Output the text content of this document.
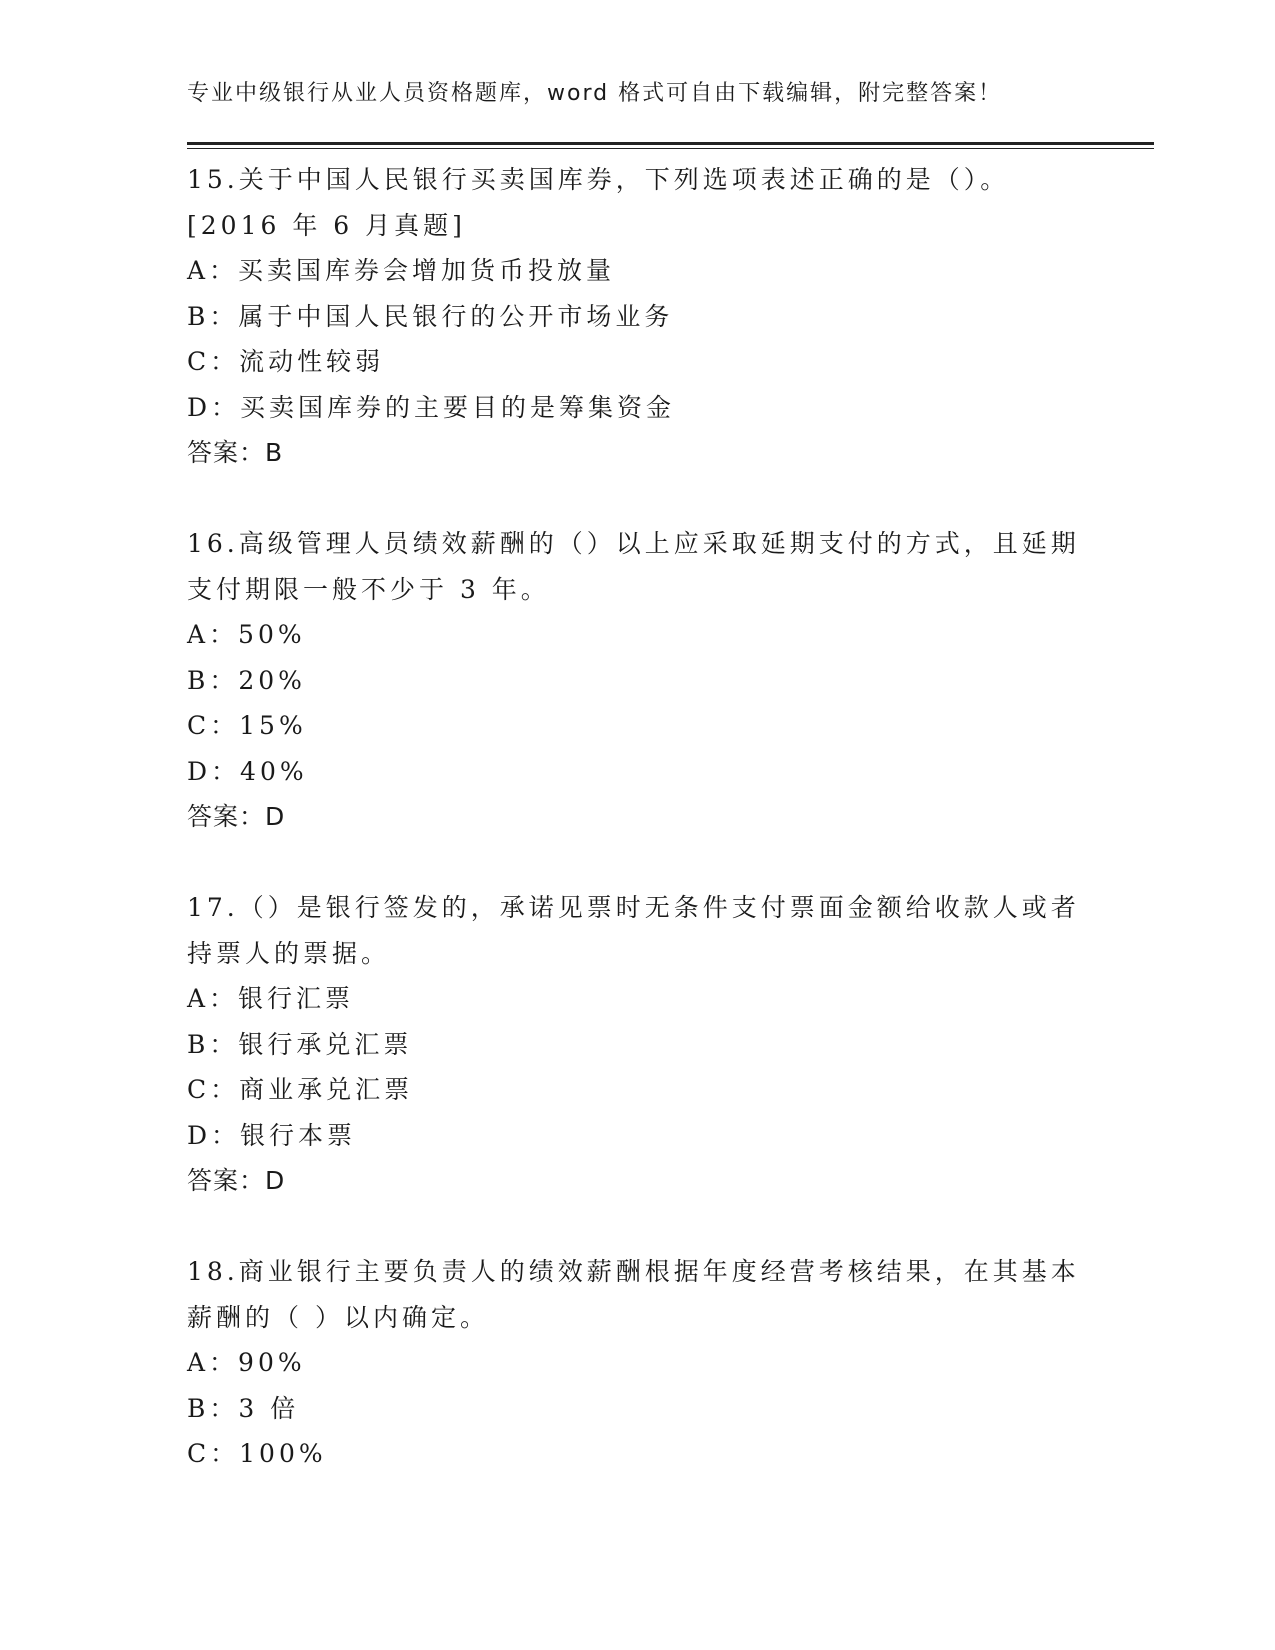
专业中级银行从业人员资格题库，word 格式可自由下载编辑，附完整答案！
15.关于中国人民银行买卖国库券，下列选项表述正确的是（）。
[2016 年 6 月真题]
A：买卖国库券会增加货币投放量
B：属于中国人民银行的公开市场业务
C：流动性较弱
D：买卖国库券的主要目的是筹集资金
答案：B
16.高级管理人员绩效薪酬的（）以上应采取延期支付的方式，且延期
支付期限一般不少于 3 年。
A：50%
B：20%
C：15%
D：40%
答案：D
17.（）是银行签发的，承诺见票时无条件支付票面金额给收款人或者
持票人的票据。
A：银行汇票
B：银行承兑汇票
C：商业承兑汇票
D：银行本票
答案：D
18.商业银行主要负责人的绩效薪酬根据年度经营考核结果，在其基本
薪酬的（ ）以内确定。
A：90%
B：3 倍
C：100%
